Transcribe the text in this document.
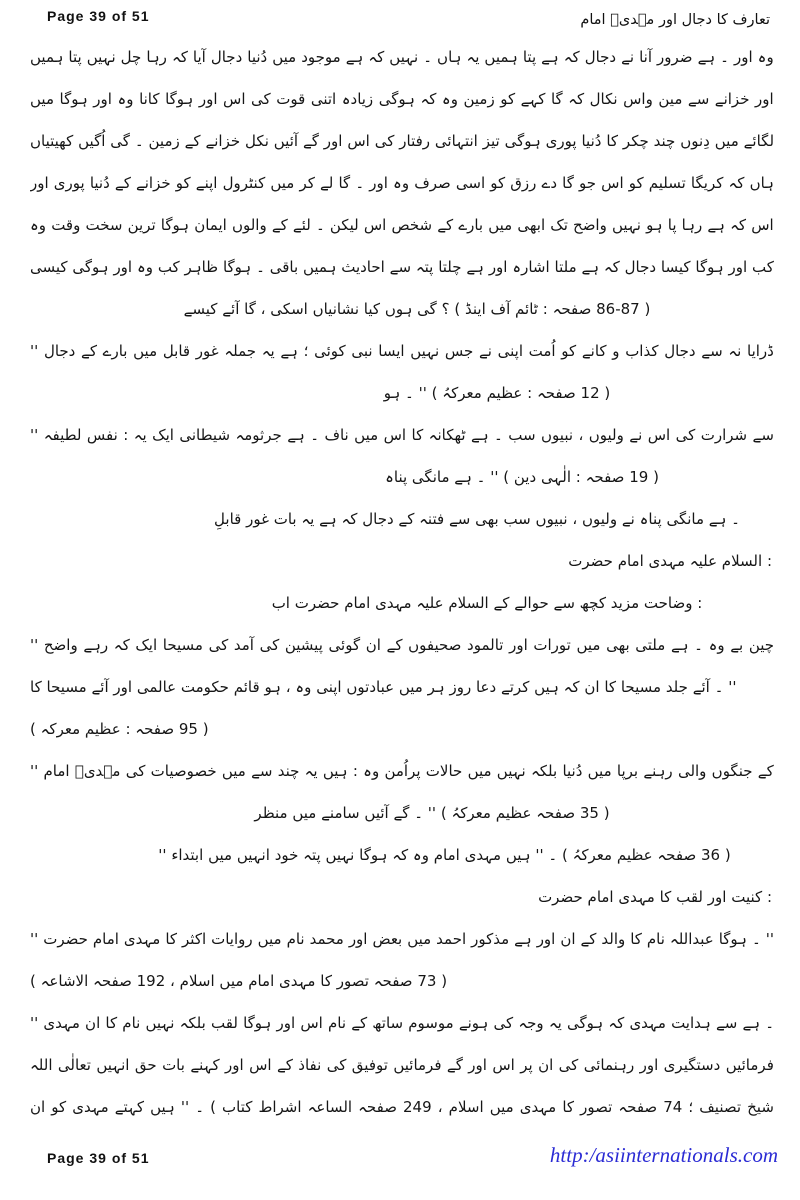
Page 39 of 51	امام مہدیؑ اور دجال کا تعارف
ہمیں پتا نہیں چل رہا کہ آیا دجال دُنیا میں موجود ہے کہ نہیں ۔ ہاں یہ ہمیں پتا ہے کہ دجال نے آنا ضرور ہے ۔ اور وہ
میں ہوگا اور وہ کانا ہوگا اور اس کی قوت اتنی زیادہ ہوگی کہ وہ زمین کو کہے گا کہ نکال واس مین سے خزانے اور
کھیتیاں اُگیں گی ۔ زمین کے خزانے نکل آئیں گے اور اس کی رفتار انتہائی تیز ہوگی پوری دُنیا کا چکر چند دِنوں میں لگائے
اور پوری دُنیا کے خزانے کو اپنے کنٹرول میں کر لے گا ۔ اور وہ صرف اسی کو رزق دے گا جو اس کو تسلیم کریگا کہ ہاں
وہ وقت سخت ترین ہوگا ایمان والوں کے لئے ۔ لیکن اس شخص کے بارے میں ابھی تک واضح نہیں ہو پا رہا ہے کہ اس
کیسی ہوگی اور وہ کب ظاہر ہوگا ۔ باقی ہمیں احادیث سے پتہ چلتا ہے اور اشارہ ملتا ہے کہ دجال کیسا ہوگا اور کب
کیسے آئے گا ، اسکی نشانیاں کیا ہوں گی ؟ ( اینڈ آف ٹائم : صفحہ 86-87 )
'' دجال کے بارے میں قابل غور جملہ یہ ہے ؛ کوئی نبی ایسا نہیں جس نے اپنی اُمت کو کانے و کذاب دجال سے نہ ڈرایا
ہو ۔ '' ( معرکہُ عظیم : صفحہ 12 )
'' لطیفہ نفس : یہ ایک شیطانی جرثومہ ہے ۔ ناف میں اس کا ٹھکانہ ہے ۔ سب نبیوں ، ولیوں نے اس کی شرارت سے
پناہ مانگی ہے ۔ '' ( دین الٰہی : صفحہ 19 )
قابلِ غور بات یہ ہے کہ دجال کے فتنہ سے بھی سب نبیوں ، ولیوں نے پناہ مانگی ہے ۔
حضرت امام مہدی علیہ السلام :
اب حضرت امام مہدی علیہ السلام کے حوالے سے کچھ مزید وضاحت :
'' واضح رہے کہ ایک مسیحا کی آمد کی پیشین گوئی ان کے صحیفوں تالمود اور تورات میں بھی ملتی ہے ۔ وہ بے چین
کا مسیحا آئے اور عالمی حکومت قائم ہو ، وہ اپنی عبادتوں میں ہر روز دعا کرتے ہیں کہ ان کا مسیحا جلد آئے ۔ ''
( معرکہ عظیم : صفحہ 95 )
'' امام مہدیؑ کی خصوصیات میں سے چند یہ ہیں : وہ پراُمن حالات میں نہیں بلکہ دُنیا میں برپا رہنے والی جنگوں کے
منظر میں سامنے آئیں گے ۔ '' ( معرکہُ عظیم صفحہ 35 )
'' ابتداء میں انہیں خود پتہ نہیں ہوگا کہ وہ امام مہدی ہیں '' ۔ ( معرکہُ عظیم صفحہ 36 )
حضرت امام مہدی کا لقب اور کنیت :
'' حضرت امام مہدی کا اکثر روایات میں نام محمد اور بعض میں احمد مذکور ہے اور ان کے والد کا نام عبداللہ ہوگا ۔ ''
( الاشاعہ صفحہ 192 ، اسلام میں امام مہدی کا تصور صفحہ 73 )
'' مہدی ان کا نام نہیں بلکہ لقب ہوگا اور اس نام کے ساتھ موسوم ہونے کی وجہ یہ ہوگی کہ مہدی ہدایت سے ہے ۔
اللہ تعالٰی انہیں حق بات کہنے اور اس کے نفاذ کی توفیق فرمائیں گے اور اس پر ان کی رہنمائی اور دستگیری فرمائیں
ان کو مہدی کہتے ہیں '' ۔ ( کتاب اشراط الساعہ صفحہ 249 ، اسلام میں مہدی کا تصور صفحہ 74 ؛ تصنیف شیخ
Page 39 of 51	http:/asiinternationals.com
